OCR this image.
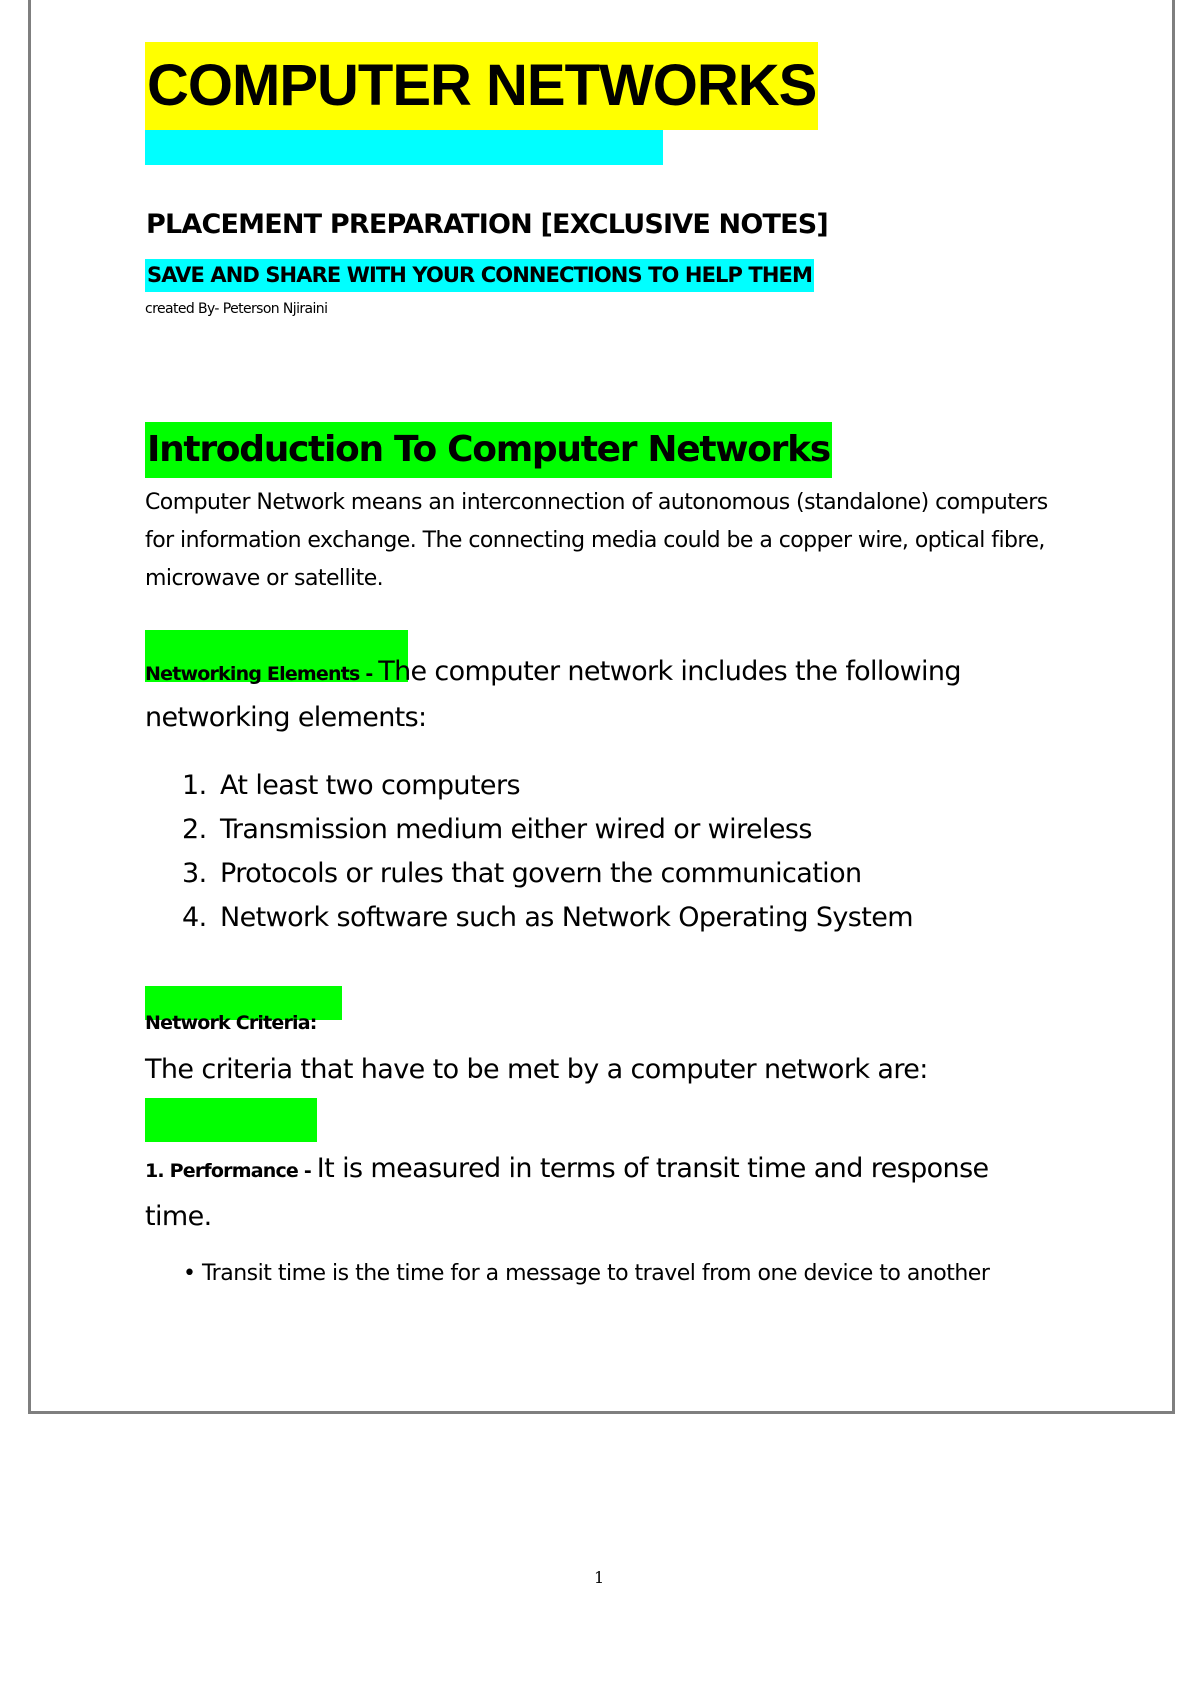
COMPUTER NETWORKS
PLACEMENT PREPARATION [EXCLUSIVE NOTES]
SAVE AND SHARE WITH YOUR CONNECTIONS TO HELP THEM
created By- Peterson Njiraini
Introduction To Computer Networks

Computer Network means an interconnection of autonomous (standalone) computers for information exchange. The connecting media could be a copper wire, optical fibre, microwave or satellite.

Networking Elements - The computer network includes the following networking elements:

1. At least two computers
2. Transmission medium either wired or wireless
3. Protocols or rules that govern the communication
4. Network software such as Network Operating System
Network Criteria:
The criteria that have to be met by a computer network are:

1. Performance - It is measured in terms of transit time and response time.

• Transit time is the time for a message to travel from one device to another
1
